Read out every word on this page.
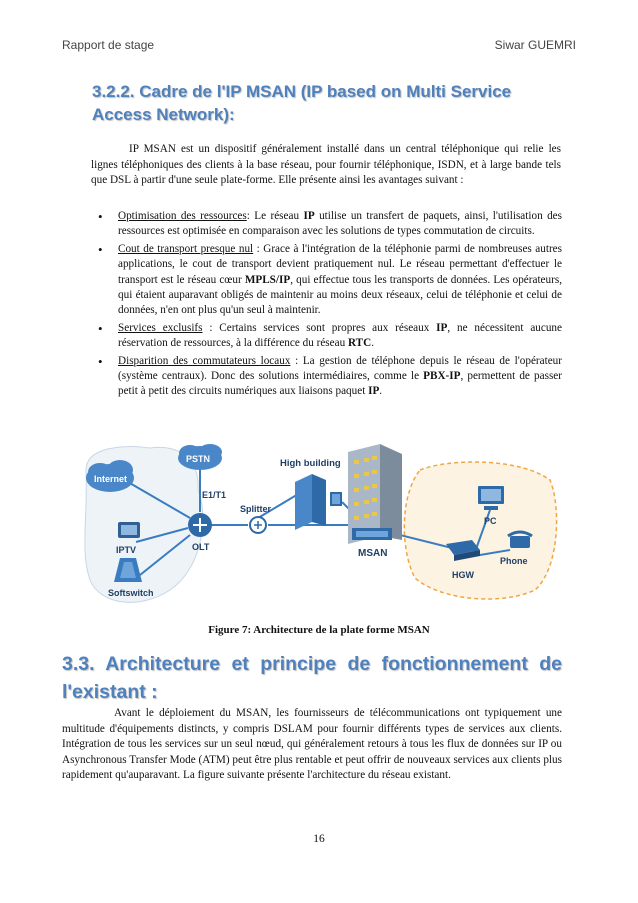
Rapport de stage	Siwar GUEMRI
3.2.2. Cadre de l'IP MSAN (IP based on Multi Service Access Network):

IP MSAN est un dispositif généralement installé dans un central téléphonique qui relie les lignes téléphoniques des clients à la base réseau, pour fournir téléphonique, ISDN, et à large bande tels que DSL à partir d'une seule plate-forme. Elle présente ainsi les avantages suivant :

• Optimisation des ressources: Le réseau IP utilise un transfert de paquets, ainsi, l'utilisation des ressources est optimisée en comparaison avec les solutions de types commutation de circuits.
• Cout de transport presque nul : Grace à l'intégration de la téléphonie parmi de nombreuses autres applications, le cout de transport devient pratiquement nul. Le réseau permettant d'effectuer le transport est le réseau cœur MPLS/IP, qui effectue tous les transports de données. Les opérateurs, qui étaient auparavant obligés de maintenir au moins deux réseaux, celui de téléphonie et celui de données, n'en ont plus qu'un seul à maintenir.
• Services exclusifs : Certains services sont propres aux réseaux IP, ne nécessitent aucune réservation de ressources, à la différence du réseau RTC.
• Disparition des commutateurs locaux : La gestion de téléphone depuis le réseau de l'opérateur (système centraux). Donc des solutions intermédiaires, comme le PBX-IP, permettent de passer petit à petit des circuits numériques aux liaisons paquet IP.
Internet
PSTN
IPTV
Softswitch
E1/T1
OLT
Splitter
High building
MSAN
PC
Phone
HGW
Figure 7: Architecture de la plate forme MSAN
3.3. Architecture et principe de fonctionnement de l'existant :

Avant le déploiement du MSAN, les fournisseurs de télécommunications ont typiquement une multitude d'équipements distincts, y compris DSLAM pour fournir différents types de services aux clients. Intégration de tous les services sur un seul nœud, qui généralement retours à tous les flux de données sur IP ou Asynchronous Transfer Mode (ATM) peut être plus rentable et peut offrir de nouveaux services aux clients plus rapidement qu'auparavant. La figure suivante présente l'architecture du réseau existant.

16
